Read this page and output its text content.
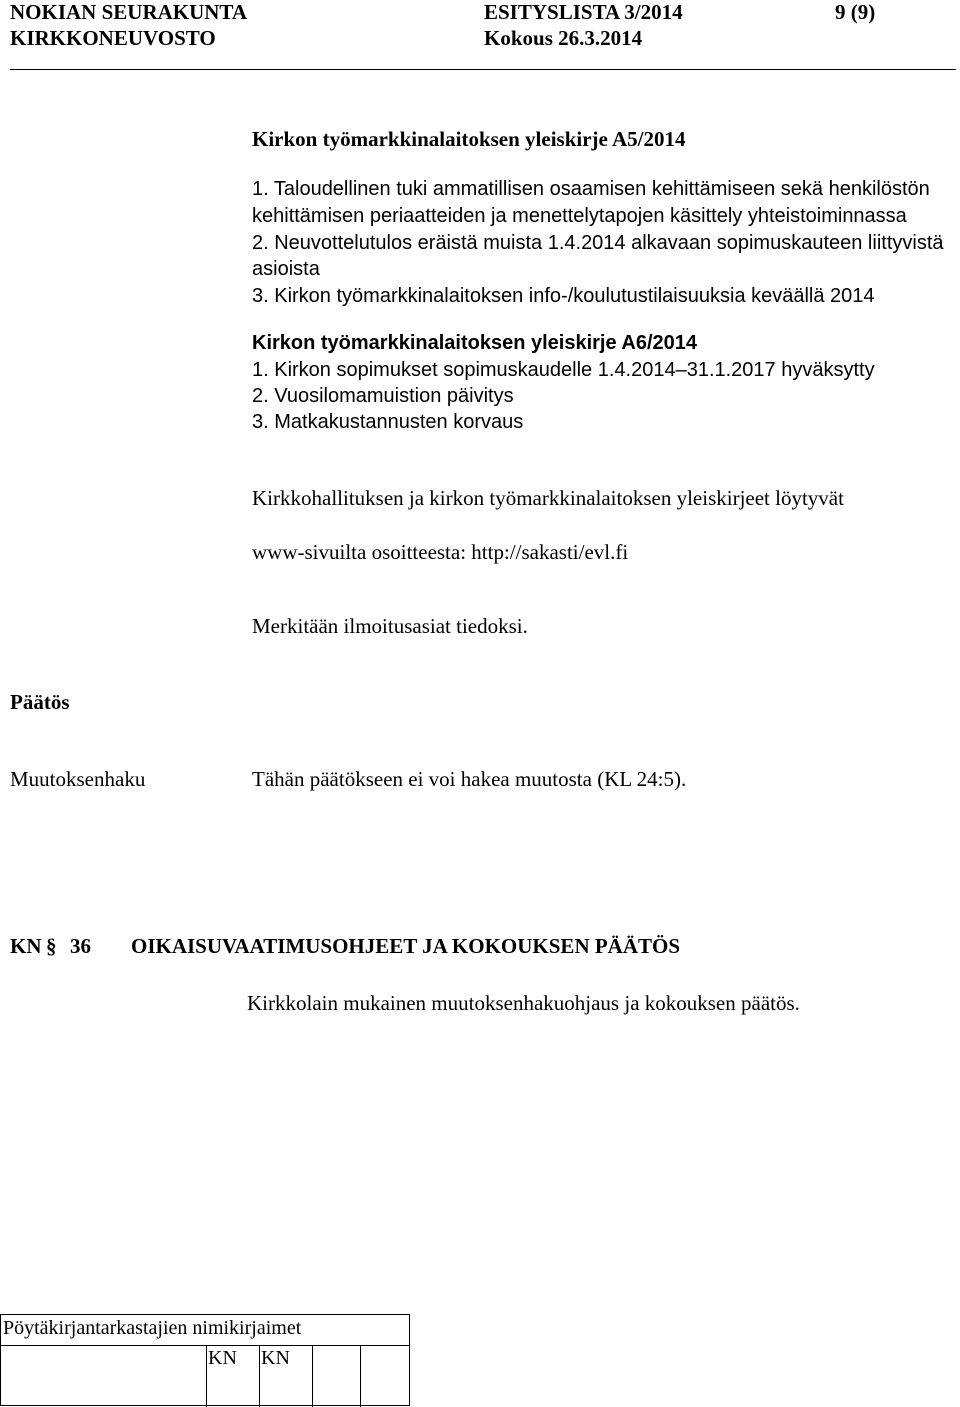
NOKIAN SEURAKUNTA
KIRKKONEUVOSTO
ESITYSLISTA 3/2014
Kokous 26.3.2014
9 (9)
Kirkon työmarkkinalaitoksen yleiskirje A5/2014
1. Taloudellinen tuki ammatillisen osaamisen kehittämiseen sekä henkilöstön
kehittämisen periaatteiden ja menettelytapojen käsittely yhteistoiminnassa
2. Neuvottelutulos eräistä muista 1.4.2014 alkavaan sopimuskauteen liittyvistä
asioista
3. Kirkon työmarkkinalaitoksen info-/koulutustilaisuuksia keväällä 2014
Kirkon työmarkkinalaitoksen yleiskirje A6/2014
1. Kirkon sopimukset sopimuskaudelle 1.4.2014–31.1.2017 hyväksytty
2. Vuosilomamuistion päivitys
3. Matkakustannusten korvaus
Kirkkohallituksen ja kirkon työmarkkinalaitoksen yleiskirjeet löytyvät
www-sivuilta osoitteesta: http://sakasti/evl.fi
Merkitään ilmoitusasiat tiedoksi.
Päätös
Muutoksenhaku	Tähän päätökseen ei voi hakea muutosta (KL 24:5).
KN § 36 OIKAISUVAATIMUSOHJEET JA KOKOUKSEN PÄÄTÖS
Kirkkolain mukainen muutoksenhakuohjaus ja kokouksen päätös.
Pöytäkirjantarkastajien nimikirjaimet
KN KN
